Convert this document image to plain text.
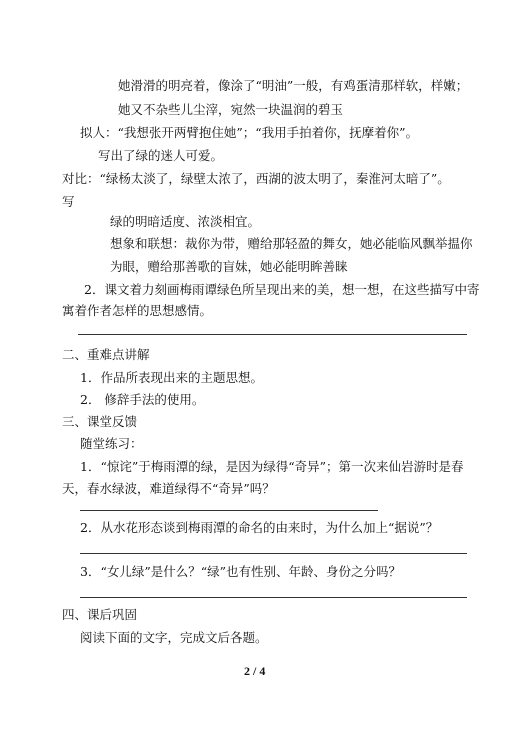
她滑滑的明亮着，像涂了“明油”一般，有鸡蛋清那样软，样嫩；
她又不杂些儿尘滓，宛然一块温润的碧玉
拟人：“我想张开两臂抱住她”；“我用手拍着你，抚摩着你”。
写出了绿的迷人可爱。
对比：“绿杨太淡了，绿壁太浓了，西湖的波太明了，秦淮河太暗了”。
写
绿的明暗适度、浓淡相宜。
想象和联想：裁你为带，赠给那轻盈的舞女，她必能临风飘举揾你
为眼，赠给那善歌的盲妹，她必能明眸善睐
2．课文着力刻画梅雨谭绿色所呈现出来的美，想一想，在这些描写中寄
寓着作者怎样的思想感情。
二、重难点讲解
1．作品所表现出来的主题思想。
2． 修辞手法的使用。
三、课堂反馈
随堂练习：
1．“惊诧”于梅雨潭的绿，是因为绿得“奇异”；第一次来仙岩游时是春
天，春水绿波，难道绿得不“奇异”吗？
2．从水花形态谈到梅雨潭的命名的由来时，为什么加上“据说”？
3．“女儿绿”是什么？“绿”也有性别、年龄、身份之分吗？
四、课后巩固
阅读下面的文字，完成文后各题。
2 / 4
